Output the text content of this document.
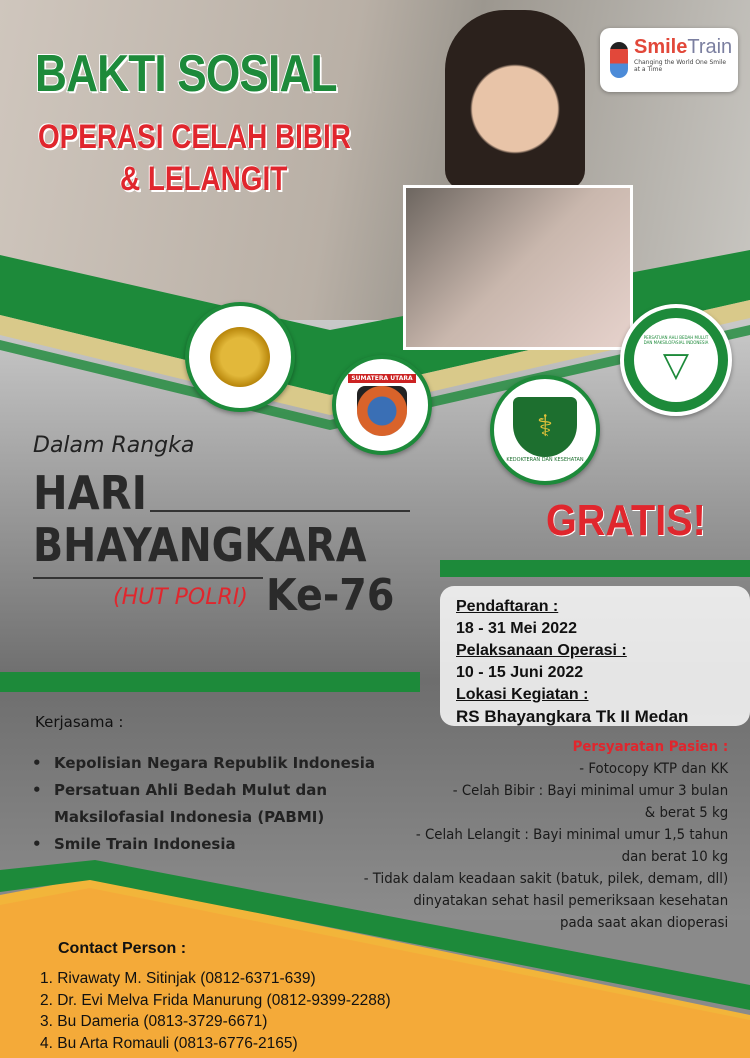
BAKTI SOSIAL
OPERASI CELAH BIBIR
& LELANGIT
SmileTrain
Changing the World One Smile at a Time
SUMATERA UTARA
⚕
KEDOKTERAN DAN KESEHATAN
PERSATUAN AHLI BEDAH MULUT DAN MAKSILOFASIAL INDONESIA
▽
Dalam Rangka
HARI
BHAYANGKARA
(HUT POLRI) Ke-76
GRATIS!
Pendaftaran :
18 - 31 Mei 2022
Pelaksanaan Operasi :
10 - 15 Juni 2022
Lokasi Kegiatan :
RS Bhayangkara Tk II Medan
Persyaratan Pasien :
- Fotocopy KTP dan KK
- Celah Bibir : Bayi minimal umur 3 bulan
& berat 5 kg
- Celah Lelangit : Bayi minimal umur 1,5 tahun
dan berat 10 kg
- Tidak dalam keadaan sakit (batuk, pilek, demam, dll)
dinyatakan sehat hasil pemeriksaan kesehatan
pada saat akan dioperasi
Kerjasama :
• Kepolisian Negara Republik Indonesia
• Persatuan Ahli Bedah Mulut dan
Maksilofasial Indonesia (PABMI)
• Smile Train Indonesia
Contact Person :
1. Rivawaty M. Sitinjak (0812-6371-639)
2. Dr. Evi Melva Frida Manurung (0812-9399-2288)
3. Bu Dameria (0813-3729-6671)
4. Bu Arta Romauli (0813-6776-2165)
